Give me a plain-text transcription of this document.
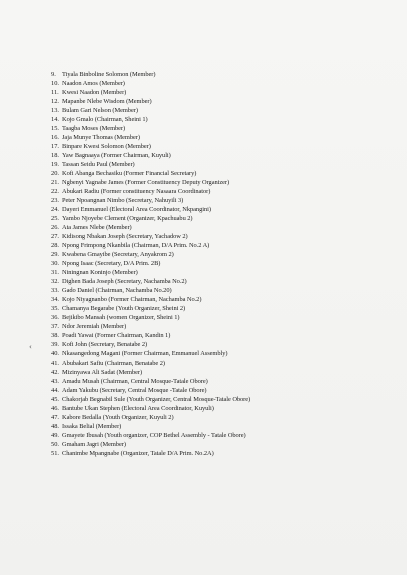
‹
9. Tiyala Binboline Solomon (Member)
10. Naadon Amos (Member)
11. Kwesi Naadon (Member)
12. Mapanbe Nlebe Wisdom (Member)
13. Bulam Gari Nelson (Member)
14. Kojo Gmalo (Chairman, Sheini 1)
15. Taagba Moses (Member)
16. Jaja Munye Thomas (Member)
17. Binpare Kwesi Solomon (Member)
18. Yaw Bagnaaya (Former Chairman, Kuyuli)
19. Tassan Seidu Paul (Member)
20. Kofi Abanga Bechasiku (Former Financial Secretary)
21. Ngbenyi Yagnabe James (Former Constituency Deputy Organizer)
22. Abukari Radiu (Former constituency Nasaara Coordinator)
23. Peter Npoangnan Nimbo (Secretary, Nahuyili 3)
24. Dayeri Emmanuel (Electoral Area Coordinator, Nkpangini)
25. Yambo Njoyebe Clement (Organizer, Kpachuabu 2)
26. Ata James Nlebe (Member)
27. Kidisong Nbakan Joseph (Secretary, Yachadow 2)
28. Npong Frimpong Nkanbila (Chairman, D/A Prim. No.2 A)
29. Kwabena Gmayibe (Secretary, Anyakrom 2)
30. Npong Isaac (Secretary, D/A Prim. 2B)
31. Niningnan Koninjo (Member)
32. Dighen Bada Joseph (Secretary, Nachamba No.2)
33. Gado Daniel (Chairman, Nachamba No.20)
34. Kojo Niyagnanbo (Former Chairman, Nachamba No.2)
35. Chamanya Begarabe (Youth Organizer, Sheini 2)
36. Bejikibo Mansah (women Organizer, Sheini 1)
37. Ndor Jeremiah (Member)
38. Poadi Yawai (Former Chairman, Kandin 1)
39. Kofi John (Secretary, Benatabe 2)
40. Nkasangedong Magani (Former Chairman, Emmanuel Assembly)
41. Abubakari Safiu (Chairman, Benatabe 2)
42. Mizinyawa Ali Sadat (Member)
43. Amadu Musah (Chairman, Central Mosque-Tatale Obore)
44. Adam Yakubu (Secretary, Central Mosque -Tatale Obore)
45. Chakorjab Begnabil Sule (Youth Organizer, Central Mosque-Tatale Obore)
46. Bantube Ukan Stephen (Electoral Area Coordinator, Kuyuli)
47. Kabore Bedalla (Youth Organizer, Kuyuli 2)
48. Issaka Belial (Member)
49. Gmayete Ibusah (Youth organizer, COP Bethel Assembly - Tatale Obore)
50. Gmaham Jagri (Member)
51. Chanimbe Mpangnabe (Organizer, Tatale D/A Prim. No.2A)
